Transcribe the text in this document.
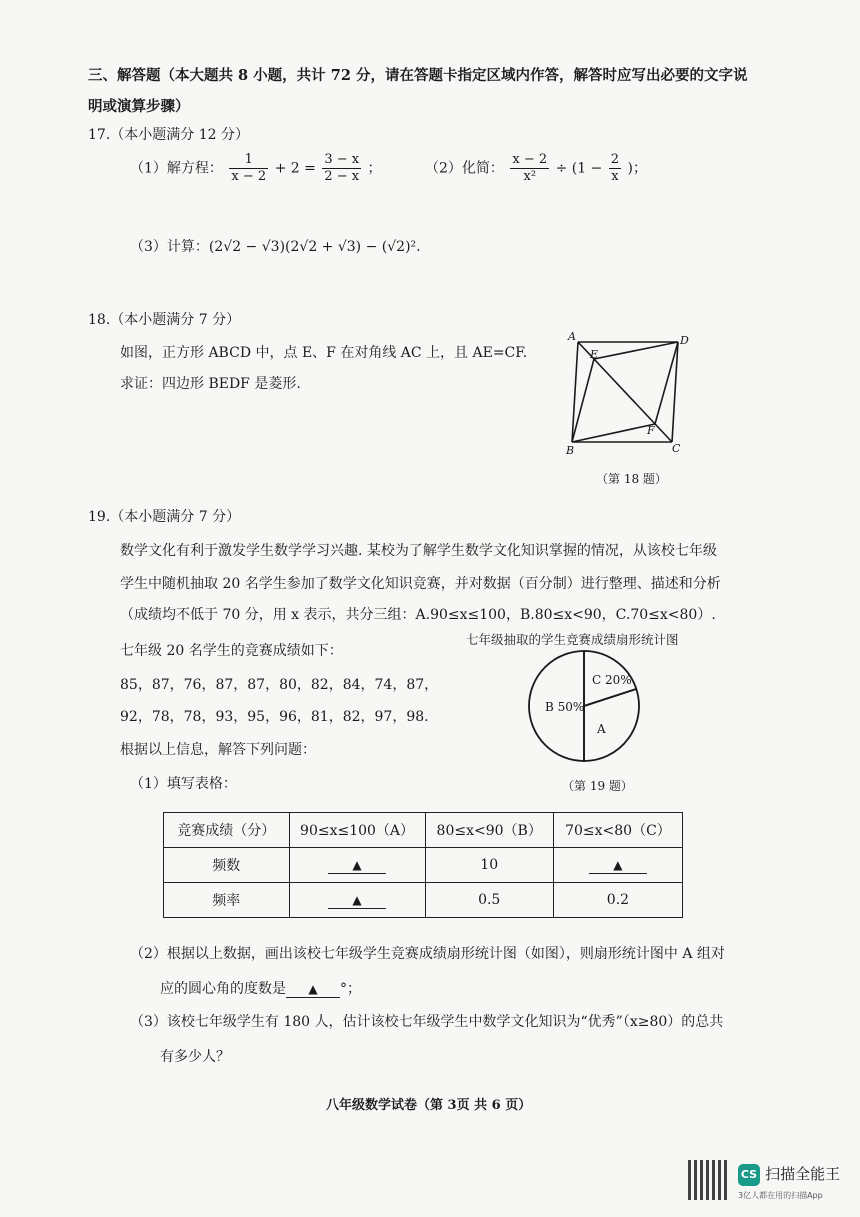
三、解答题（本大题共 8 小题，共计 72 分，请在答题卡指定区域内作答，解答时应写出必要的文字说
明或演算步骤）
17.（本小题满分 12 分）
（1）解方程： $\frac{1}{x - 2} + 2 = \frac{3 - x}{2 - x}$ ；	（2）化简： $\frac{x - 2}{\text{x²}} \div (1 - \frac{2}{x}$ )；
（3）计算：(2√2 − √3)(2√2 + √3) − (√2)².
18.（本小题满分 7 分）
如图，正方形 ABCD 中，点 E、F 在对角线 AC 上，且 AE=CF.
求证：四边形 BEDF 是菱形.
A	D
E
F
B	C
（第 18 题）
19.（本小题满分 7 分）
数学文化有利于激发学生数学学习兴趣. 某校为了解学生数学文化知识掌握的情况，从该校七年级
学生中随机抽取 20 名学生参加了数学文化知识竞赛，并对数据（百分制）进行整理、描述和分析
（成绩均不低于 70 分，用 x 表示，共分三组：A.90≤x≤100，B.80≤x<90，C.70≤x<80）.
七年级抽取的学生竞赛成绩扇形统计图
七年级 20 名学生的竞赛成绩如下：
85，87，76，87，87，80，82，84，74，87，
92，78，78，93，95，96，81，82，97，98.
根据以上信息，解答下列问题：
（1）填写表格：
B 50%
C 20%
A
（第 19 题）
竞赛成绩（分）	90≤x≤100（A）	80≤x<90（B）	70≤x<80（C）
频数	▲	10	▲
频率	▲	0.5	0.2
（2）根据以上数据，画出该校七年级学生竞赛成绩扇形统计图（如图），则扇形统计图中 A 组对
应的圆心角的度数是 ▲ °；
（3）该校七年级学生有 180 人，估计该校七年级学生中数学文化知识为“优秀”（x≥80）的总共
有多少人？
八年级数学试卷（第 3页 共 6 页）
CS 扫描全能王
3亿人都在用的扫描App
